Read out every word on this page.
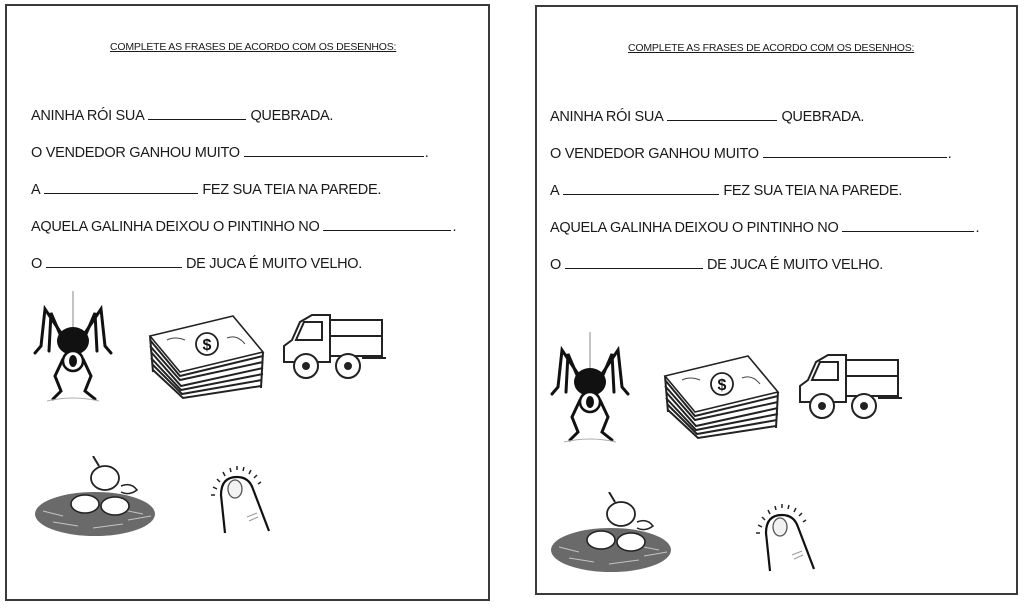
COMPLETE AS FRASES DE ACORDO COM OS DESENHOS:
ANINHA RÓI SUA	QUEBRADA.
O VENDEDOR GANHOU MUITO	.
A	FEZ SUA TEIA NA PAREDE.
AQUELA GALINHA DEIXOU O PINTINHO NO	.
O	DE JUCA É MUITO VELHO.
$
COMPLETE AS FRASES DE ACORDO COM OS DESENHOS:
ANINHA RÓI SUA	QUEBRADA.
O VENDEDOR GANHOU MUITO	.
A	FEZ SUA TEIA NA PAREDE.
AQUELA GALINHA DEIXOU O PINTINHO NO	.
O	DE JUCA É MUITO VELHO.
$
